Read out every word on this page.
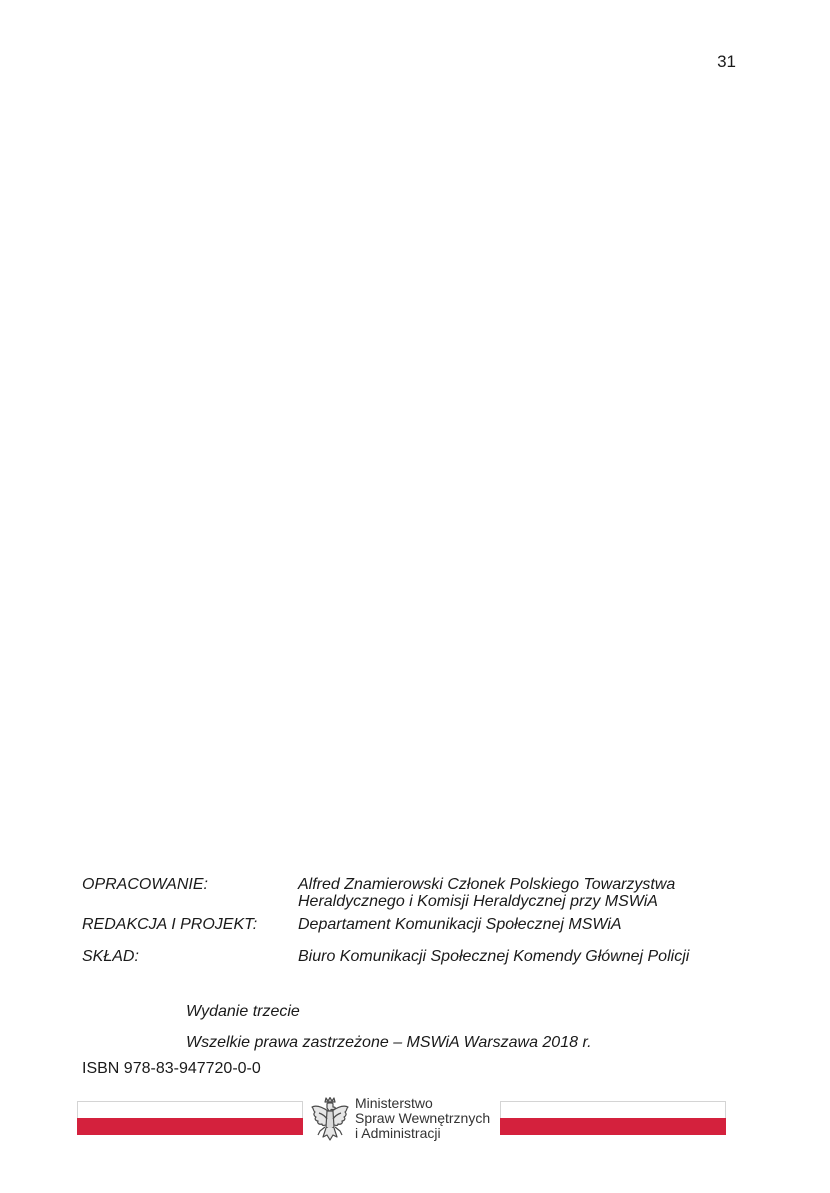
31
OPRACOWANIE:	Alfred Znamierowski Członek Polskiego Towarzystwa
Heraldycznego i Komisji Heraldycznej przy MSWiA
REDAKCJA I PROJEKT:	Departament Komunikacji Społecznej MSWiA
SKŁAD:	Biuro Komunikacji Społecznej Komendy Głównej Policji
Wydanie trzecie
Wszelkie prawa zastrzeżone – MSWiA Warszawa 2018 r.
ISBN 978-83-947720-0-0
Ministerstwo
Spraw Wewnętrznych
i Administracji
